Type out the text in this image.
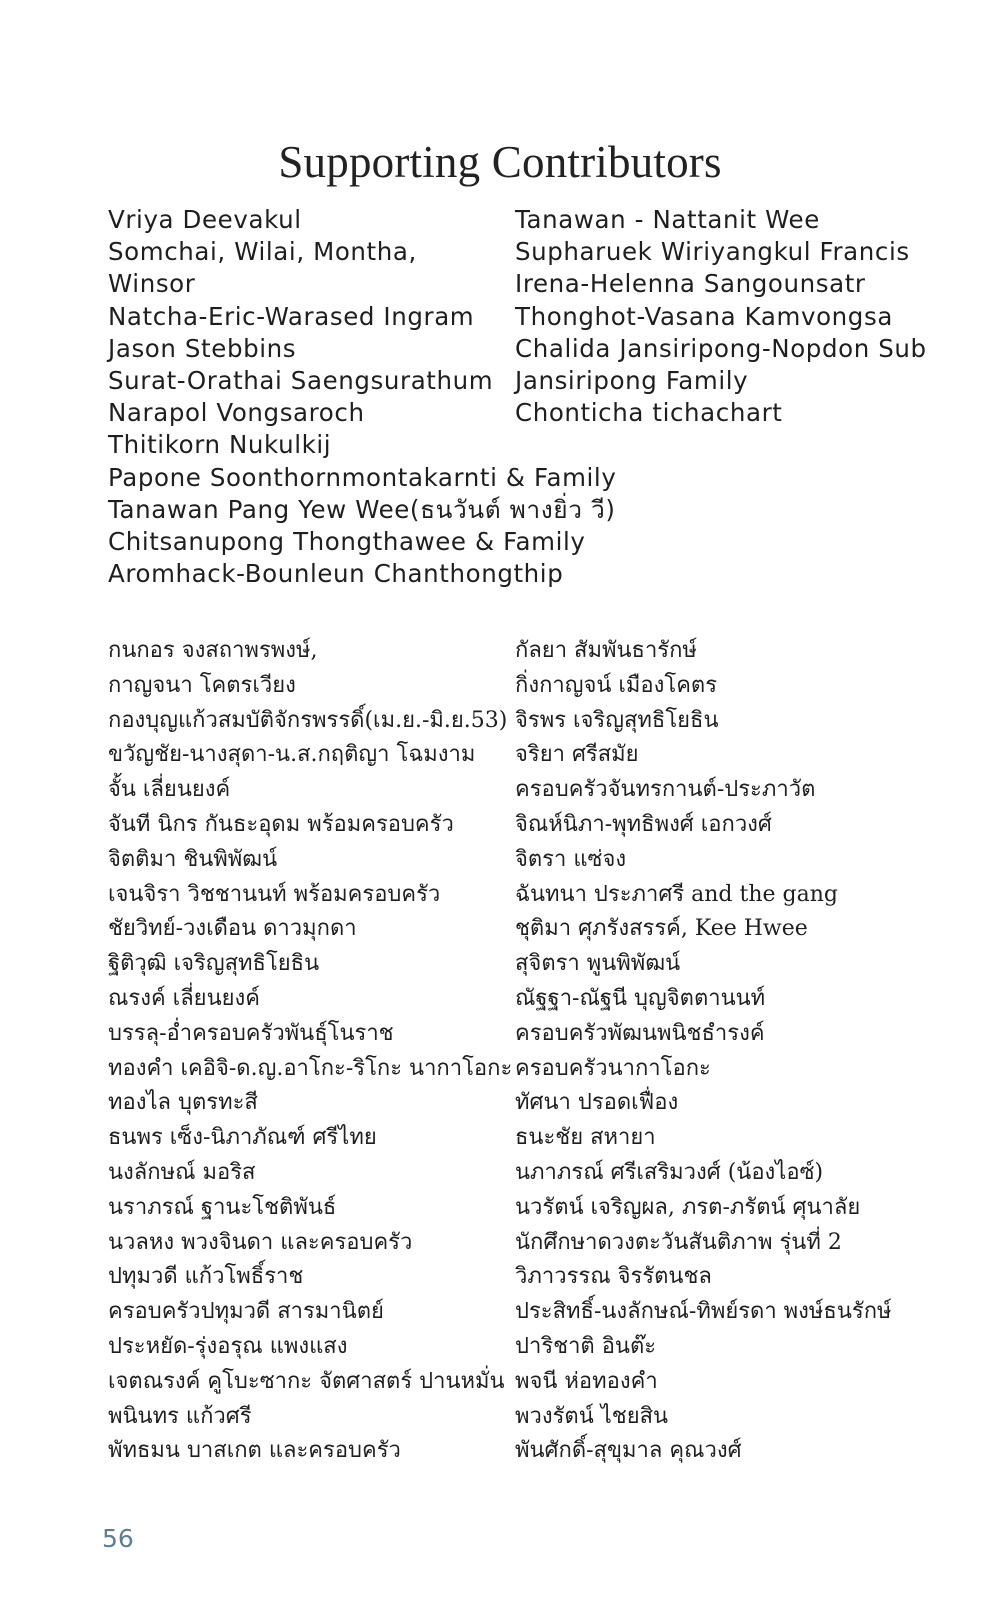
Supporting Contributors
Vriya Deevakul
Somchai, Wilai, Montha,
Winsor
Natcha-Eric-Warased Ingram
Jason Stebbins
Surat-Orathai Saengsurathum
Narapol Vongsaroch
Thitikorn Nukulkij
Papone Soonthornmontakarnti & Family
Tanawan Pang Yew Wee(ธนวันต์ พางยิ่ว วี)
Chitsanupong Thongthawee & Family
Aromhack-Bounleun Chanthongthip
Tanawan - Nattanit Wee
Supharuek Wiriyangkul Francis
Irena-Helenna Sangounsatr
Thonghot-Vasana Kamvongsa
Chalida Jansiripong-Nopdon Sub
Jansiripong Family
Chonticha tichachart
กนกอร จงสถาพรพงษ์,
กาญจนา โคตรเวียง
กองบุญแก้วสมบัติจักรพรรดิ์(เม.ย.-มิ.ย.53)
ขวัญชัย-นางสุดา-น.ส.กฤติญา โฉมงาม
จั้น เลี่ยนยงค์
จันที นิกร กันธะอุดม พร้อมครอบครัว
จิตติมา ชินพิพัฒน์
เจนจิรา วิชชานนท์ พร้อมครอบครัว
ชัยวิทย์-วงเดือน ดาวมุกดา
ฐิติวุฒิ เจริญสุทธิโยธิน
ณรงค์ เลี่ยนยงค์
บรรลุ-อ่ำครอบครัวพันธุ์โนราช
ทองคำ เคอิจิ-ด.ญ.อาโกะ-ริโกะ นากาโอกะ
ทองไล บุตรทะสี
ธนพร เซ็ง-นิภาภัณฑ์ ศรีไทย
นงลักษณ์ มอริส
นราภรณ์ ฐานะโชติพันธ์
นวลหง พวงจินดา และครอบครัว
ปทุมวดี แก้วโพธิ์ราช
ครอบครัวปทุมวดี สารมานิตย์
ประหยัด-รุ่งอรุณ แพงแสง
เจตณรงค์ คูโบะซากะ จัตศาสตร์ ปานหมั่น
พนินทร แก้วศรี
พัทธมน บาสเกต และครอบครัว
กัลยา สัมพันธารักษ์
กิ่งกาญจน์ เมืองโคตร
จิรพร เจริญสุทธิโยธิน
จริยา ศรีสมัย
ครอบครัวจันทรกานต์-ประภาวัต
จิณห์นิภา-พุทธิพงศ์ เอกวงศ์
จิตรา แซ่จง
ฉันทนา ประภาศรี and the gang
ชุติมา ศุภรังสรรค์, Kee Hwee
สุจิตรา พูนพิพัฒน์
ณัฐฐา-ณัฐนี บุญจิตตานนท์
ครอบครัวพัฒนพนิชธำรงค์
ครอบครัวนากาโอกะ
ทัศนา ปรอดเฟื่อง
ธนะชัย สหายา
นภาภรณ์ ศรีเสริมวงศ์ (น้องไอซ์)
นวรัตน์ เจริญผล, ภรต-ภรัตน์ ศุนาลัย
นักศึกษาดวงตะวันสันติภาพ รุ่นที่ 2
วิภาวรรณ จิรรัตนชล
ประสิทธิ์-นงลักษณ์-ทิพย์รดา พงษ์ธนรักษ์
ปาริชาติ อินต๊ะ
พจนี ห่อทองคำ
พวงรัตน์ ไชยสิน
พันศักดิ์-สุขุมาล คุณวงศ์
56
